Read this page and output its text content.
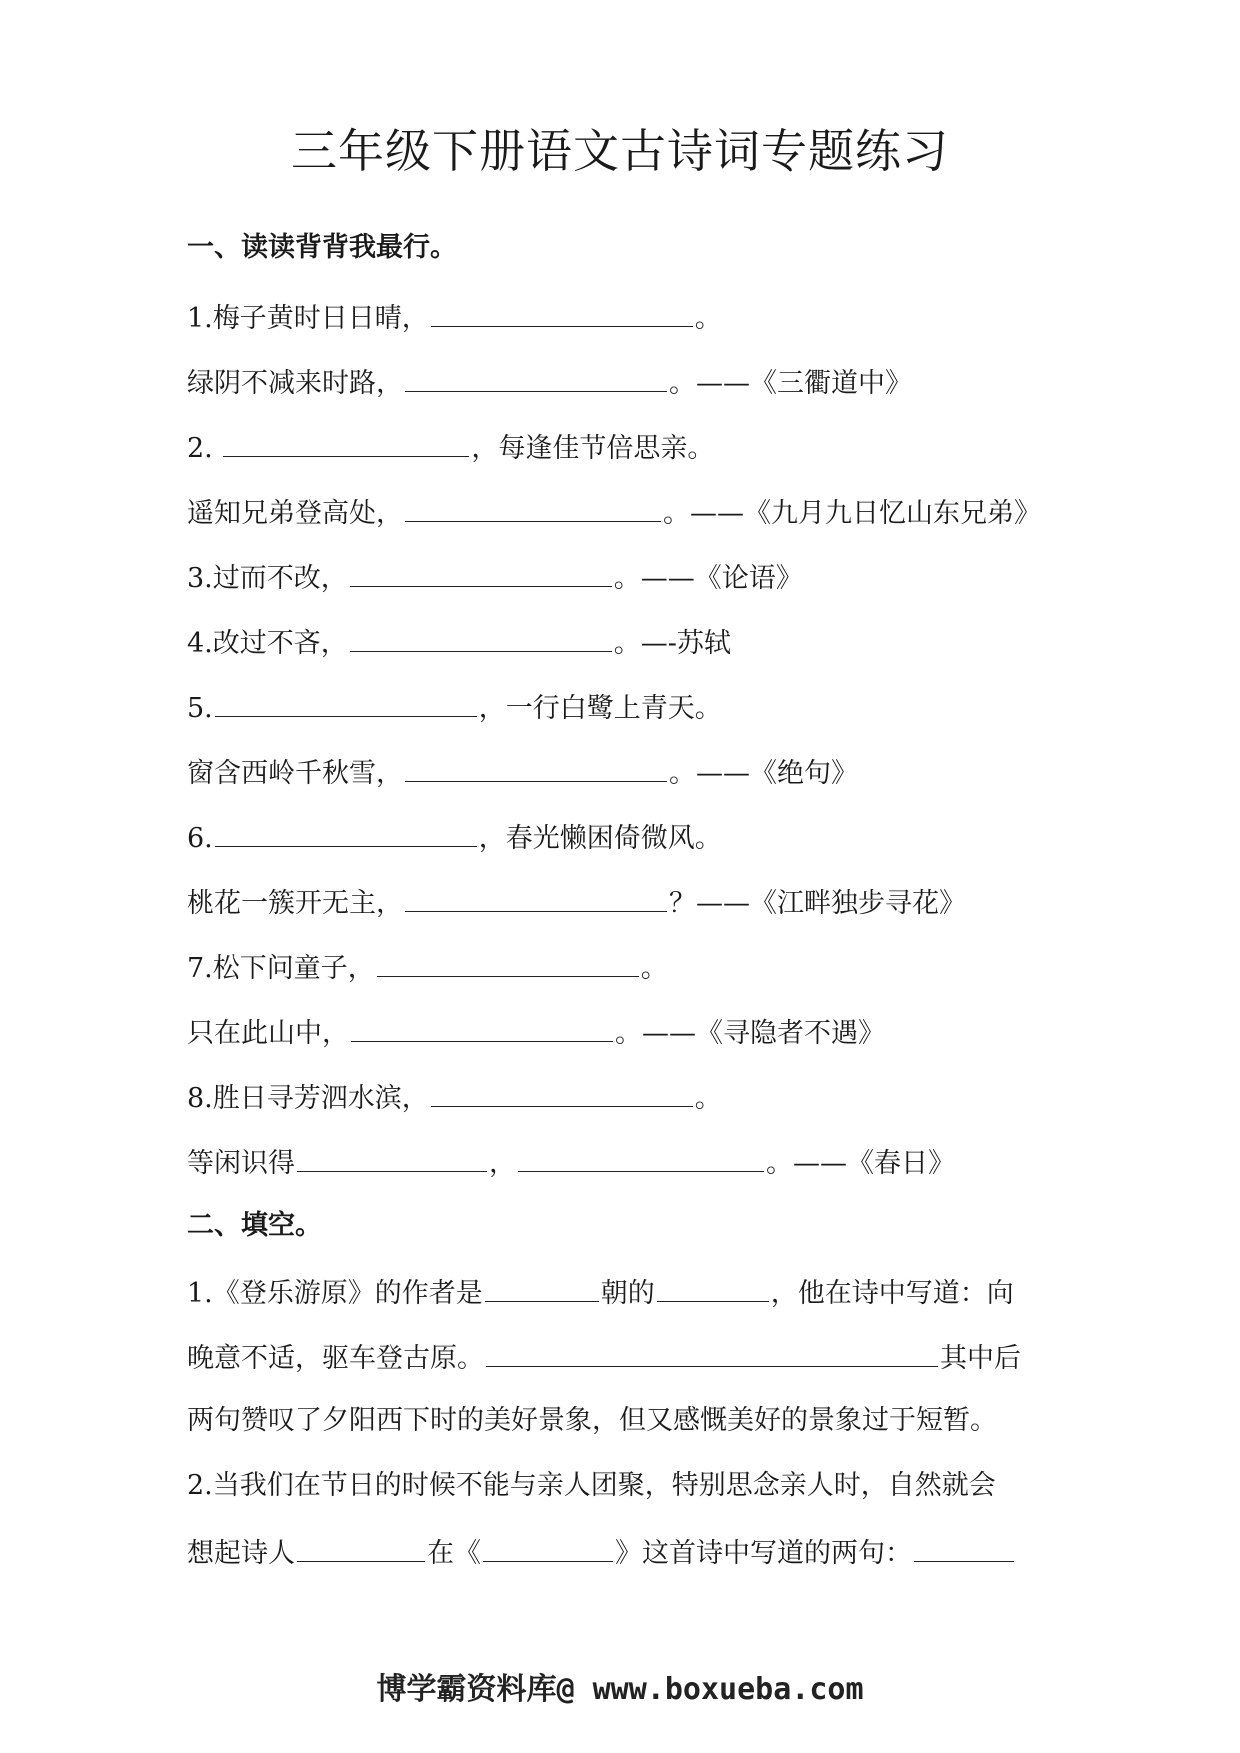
三年级下册语文古诗词专题练习
一、读读背背我最行。
1.梅子黄时日日晴，	。
绿阴不减来时路，	。——《三衢道中》
2.	，每逢佳节倍思亲。
遥知兄弟登高处，	。——《九月九日忆山东兄弟》
3.过而不改，	。——《论语》
4.改过不吝，	。—-苏轼
5.	，一行白鹭上青天。
窗含西岭千秋雪，	。——《绝句》
6.	，春光懒困倚微风。
桃花一簇开无主，	？——《江畔独步寻花》
7.松下问童子，	。
只在此山中，	。——《寻隐者不遇》
8.胜日寻芳泗水滨，	。
等闲识得	，	。——《春日》
二、填空。
1.《登乐游原》的作者是	朝的	，他在诗中写道：向
晚意不适，驱车登古原。	其中后
两句赞叹了夕阳西下时的美好景象，但又感慨美好的景象过于短暂。
2.当我们在节日的时候不能与亲人团聚，特别思念亲人时，自然就会
想起诗人	在《	》这首诗中写道的两句：
博学霸资料库@ www.boxueba.com
